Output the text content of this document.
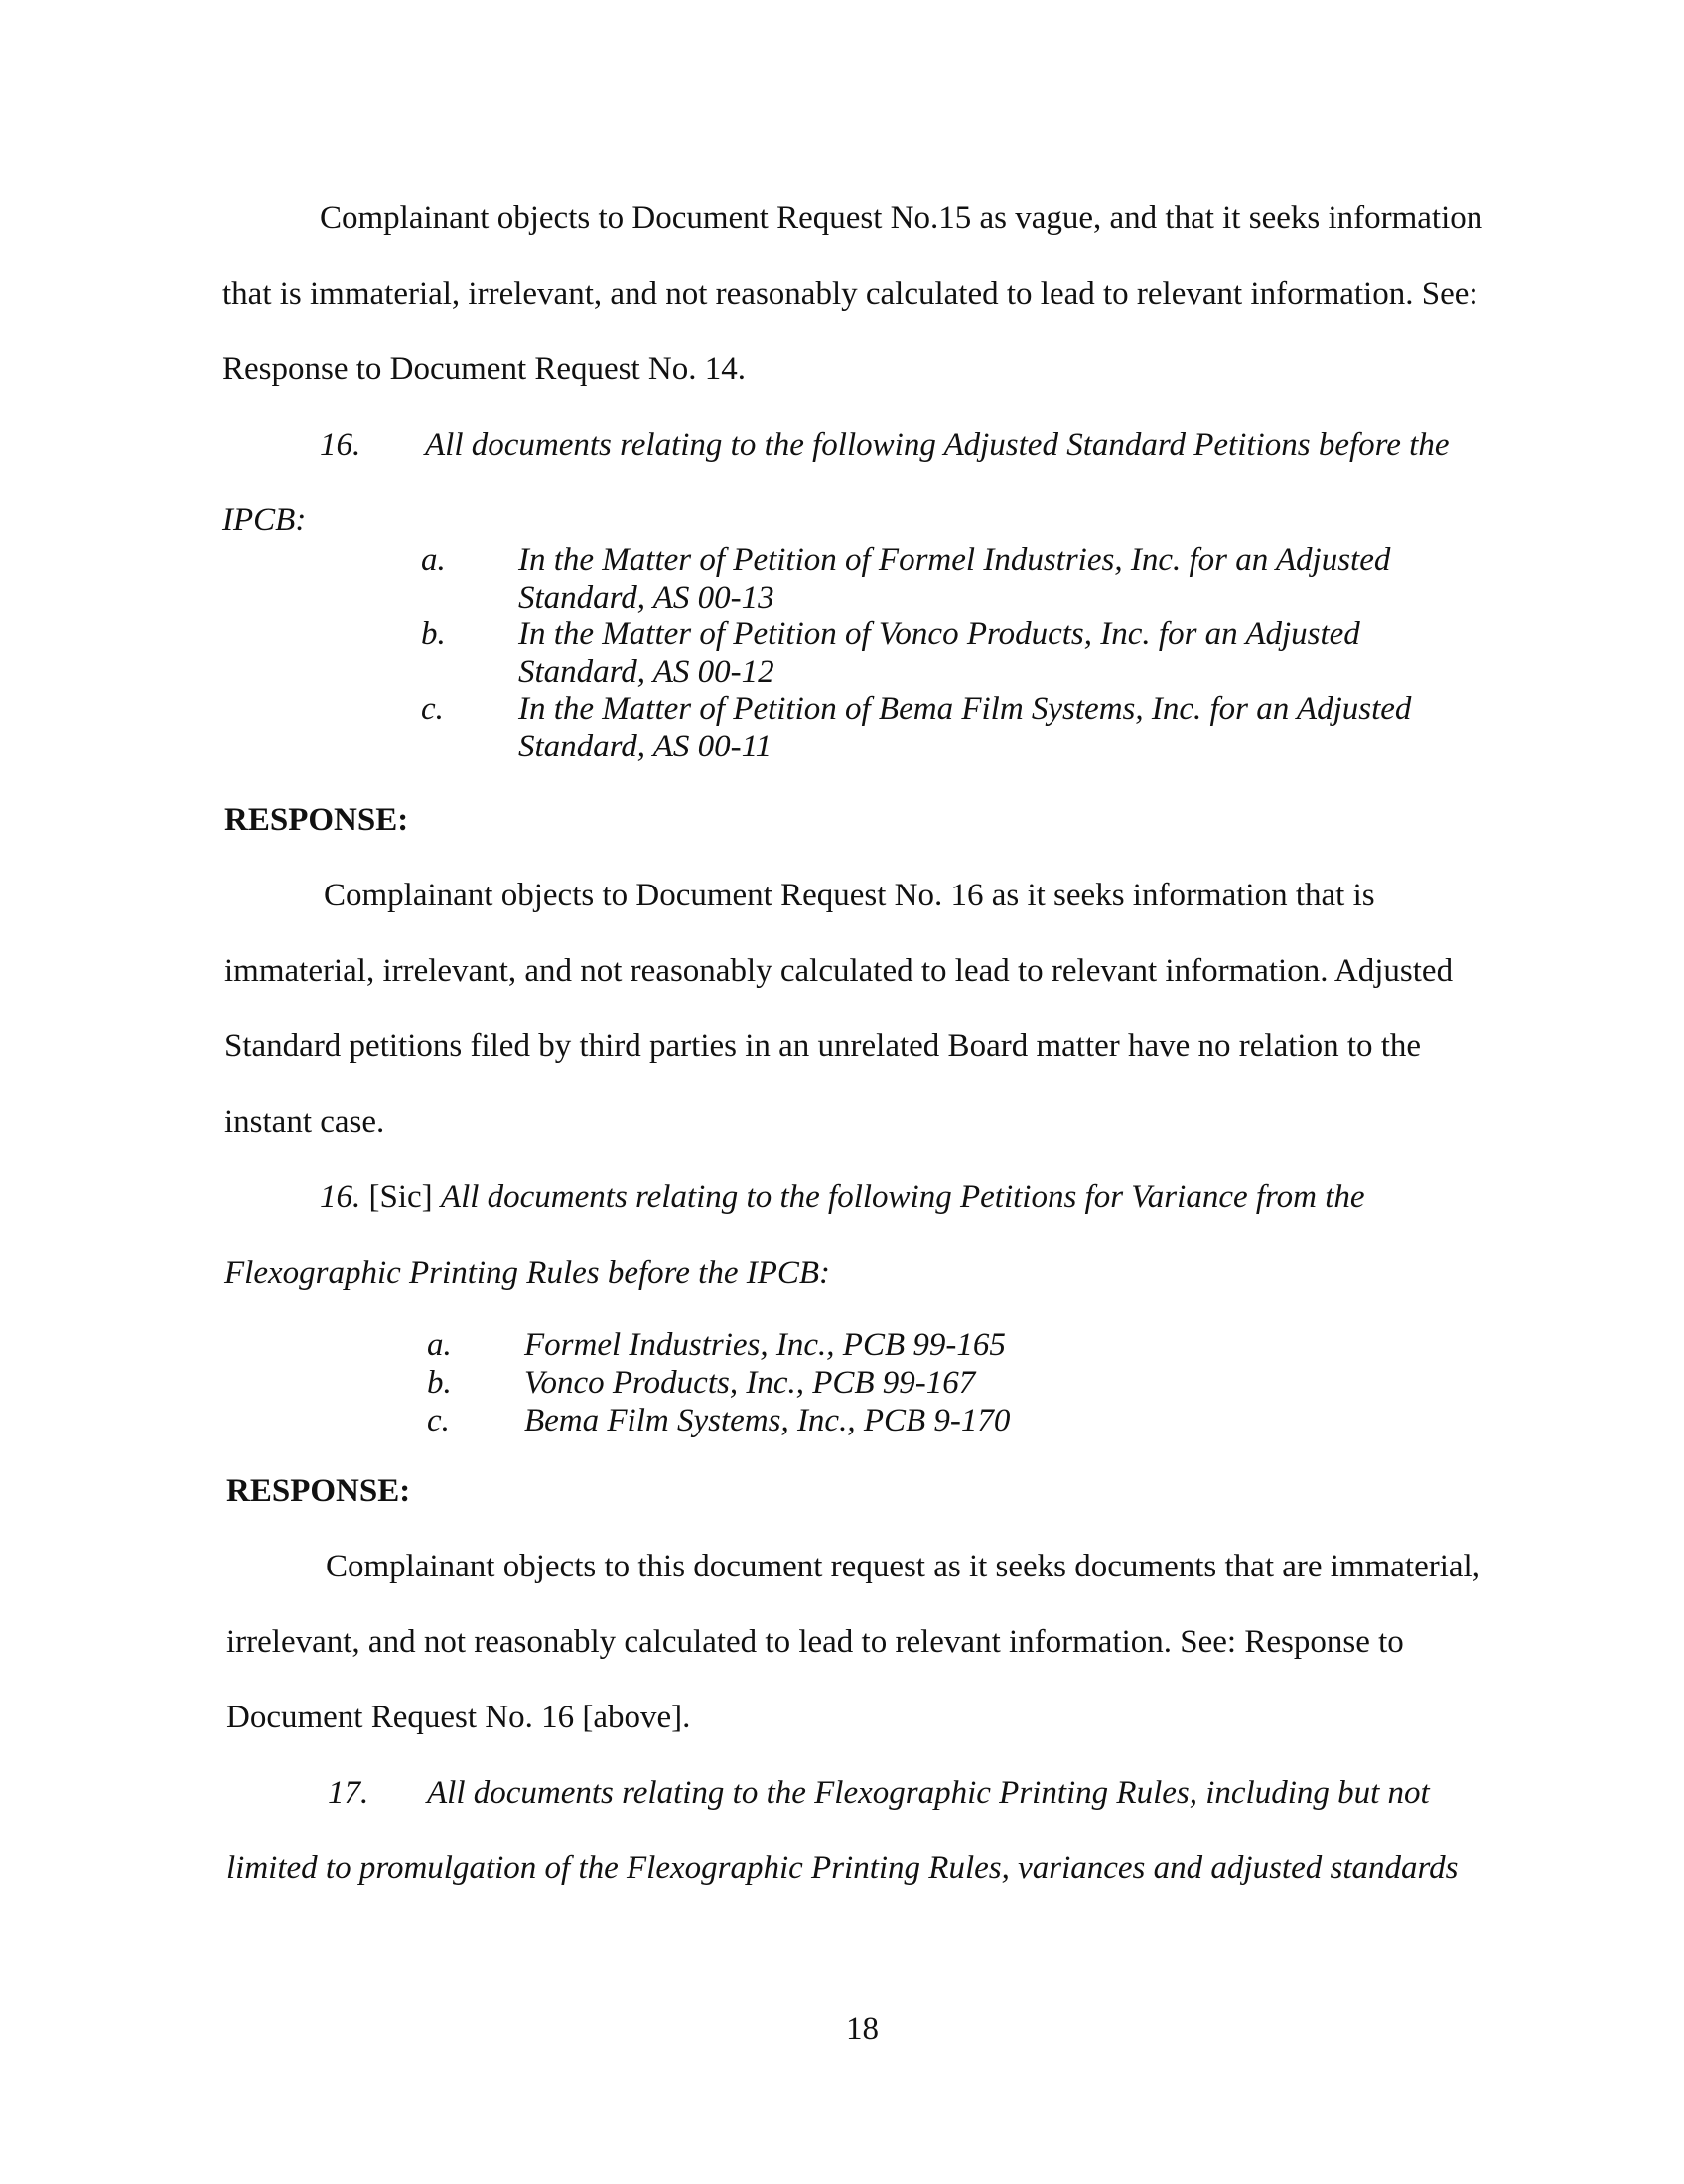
Complainant objects to Document Request No.15 as vague, and that it seeks information
that is immaterial, irrelevant, and not reasonably calculated to lead to relevant information. See:
Response to Document Request No. 14.
16. All documents relating to the following Adjusted Standard Petitions before the
IPCB:
a. In the Matter of Petition of Formel Industries, Inc. for an Adjusted
Standard, AS 00-13
b. In the Matter of Petition of Vonco Products, Inc. for an Adjusted
Standard, AS 00-12
c. In the Matter of Petition of Bema Film Systems, Inc. for an Adjusted
Standard, AS 00-11
RESPONSE:
Complainant objects to Document Request No. 16 as it seeks information that is
immaterial, irrelevant, and not reasonably calculated to lead to relevant information. Adjusted
Standard petitions filed by third parties in an unrelated Board matter have no relation to the
instant case.
16. [Sic] All documents relating to the following Petitions for Variance from the
Flexographic Printing Rules before the IPCB:
a. Formel Industries, Inc., PCB 99-165
b. Vonco Products, Inc., PCB 99-167
c. Bema Film Systems, Inc., PCB 9-170
RESPONSE:
Complainant objects to this document request as it seeks documents that are immaterial,
irrelevant, and not reasonably calculated to lead to relevant information. See: Response to
Document Request No. 16 [above].
17. All documents relating to the Flexographic Printing Rules, including but not
limited to promulgation of the Flexographic Printing Rules, variances and adjusted standards
18
